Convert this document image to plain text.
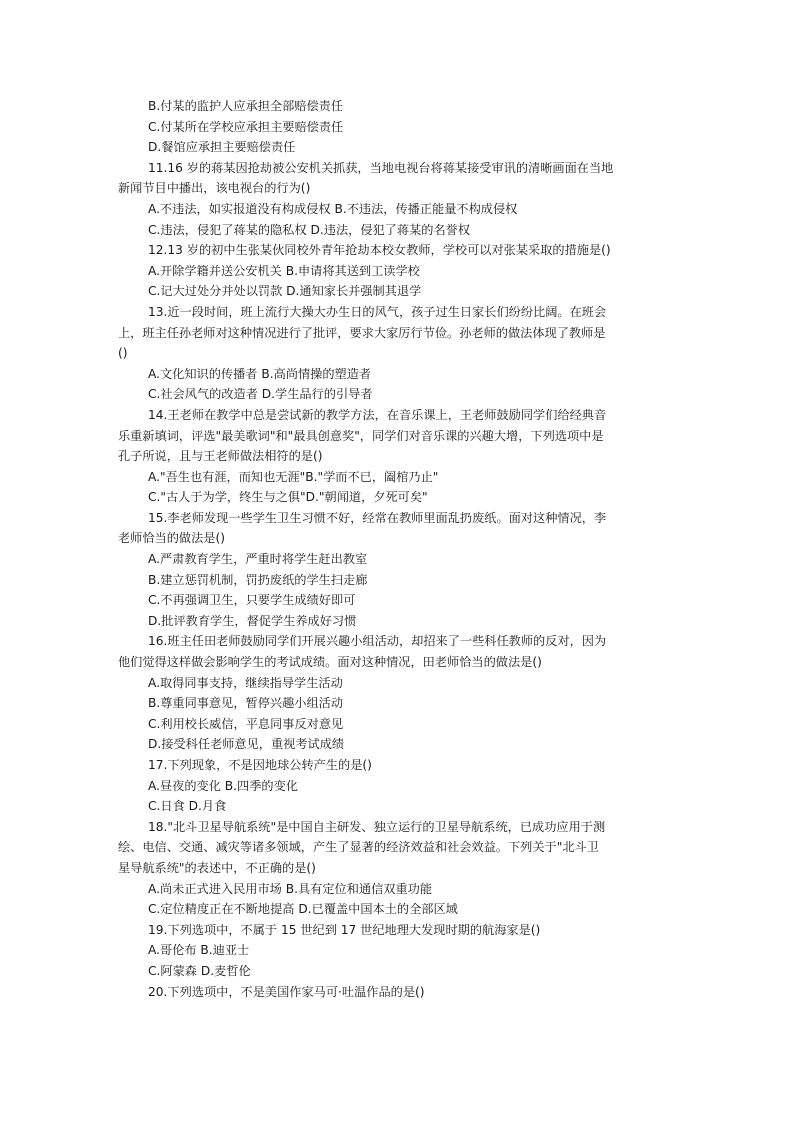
B.付某的监护人应承担全部赔偿责任
C.付某所在学校应承担主要赔偿责任
D.餐馆应承担主要赔偿责任
11.16 岁的蒋某因抢劫被公安机关抓获，当地电视台将蒋某接受审讯的清晰画面在当地
新闻节目中播出，该电视台的行为()
A.不违法，如实报道没有构成侵权 B.不违法，传播正能量不构成侵权
C.违法，侵犯了蒋某的隐私权 D.违法，侵犯了蒋某的名誉权
12.13 岁的初中生张某伙同校外青年抢劫本校女教师，学校可以对张某采取的措施是()
A.开除学籍并送公安机关 B.申请将其送到工读学校
C.记大过处分并处以罚款 D.通知家长并强制其退学
13.近一段时间，班上流行大操大办生日的风气，孩子过生日家长们纷纷比阔。在班会
上，班主任孙老师对这种情况进行了批评，要求大家厉行节俭。孙老师的做法体现了教师是
()
A.文化知识的传播者 B.高尚情操的塑造者
C.社会风气的改造者 D.学生品行的引导者
14.王老师在教学中总是尝试新的教学方法，在音乐课上，王老师鼓励同学们给经典音
乐重新填词，评选"最美歌词"和"最具创意奖"，同学们对音乐课的兴趣大增，下列选项中是
孔子所说，且与王老师做法相符的是()
A."吾生也有涯，而知也无涯"B."学而不已，阖棺乃止"
C."古人于为学，终生与之俱"D."朝闻道，夕死可矣"
15.李老师发现一些学生卫生习惯不好，经常在教师里面乱扔废纸。面对这种情况，李
老师恰当的做法是()
A.严肃教育学生，严重时将学生赶出教室
B.建立惩罚机制，罚扔废纸的学生扫走廊
C.不再强调卫生，只要学生成绩好即可
D.批评教育学生，督促学生养成好习惯
16.班主任田老师鼓励同学们开展兴趣小组活动，却招来了一些科任教师的反对，因为
他们觉得这样做会影响学生的考试成绩。面对这种情况，田老师恰当的做法是()
A.取得同事支持，继续指导学生活动
B.尊重同事意见，暂停兴趣小组活动
C.利用校长威信，平息同事反对意见
D.接受科任老师意见，重视考试成绩
17.下列现象，不是因地球公转产生的是()
A.昼夜的变化 B.四季的变化
C.日食 D.月食
18."北斗卫星导航系统"是中国自主研发、独立运行的卫星导航系统，已成功应用于测
绘、电信、交通、减灾等诸多领域，产生了显著的经济效益和社会效益。下列关于"北斗卫
星导航系统"的表述中，不正确的是()
A.尚未正式进入民用市场 B.具有定位和通信双重功能
C.定位精度正在不断地提高 D.已覆盖中国本土的全部区域
19.下列选项中，不属于 15 世纪到 17 世纪地理大发现时期的航海家是()
A.哥伦布 B.迪亚士
C.阿蒙森 D.麦哲伦
20.下列选项中，不是美国作家马可·吐温作品的是()
